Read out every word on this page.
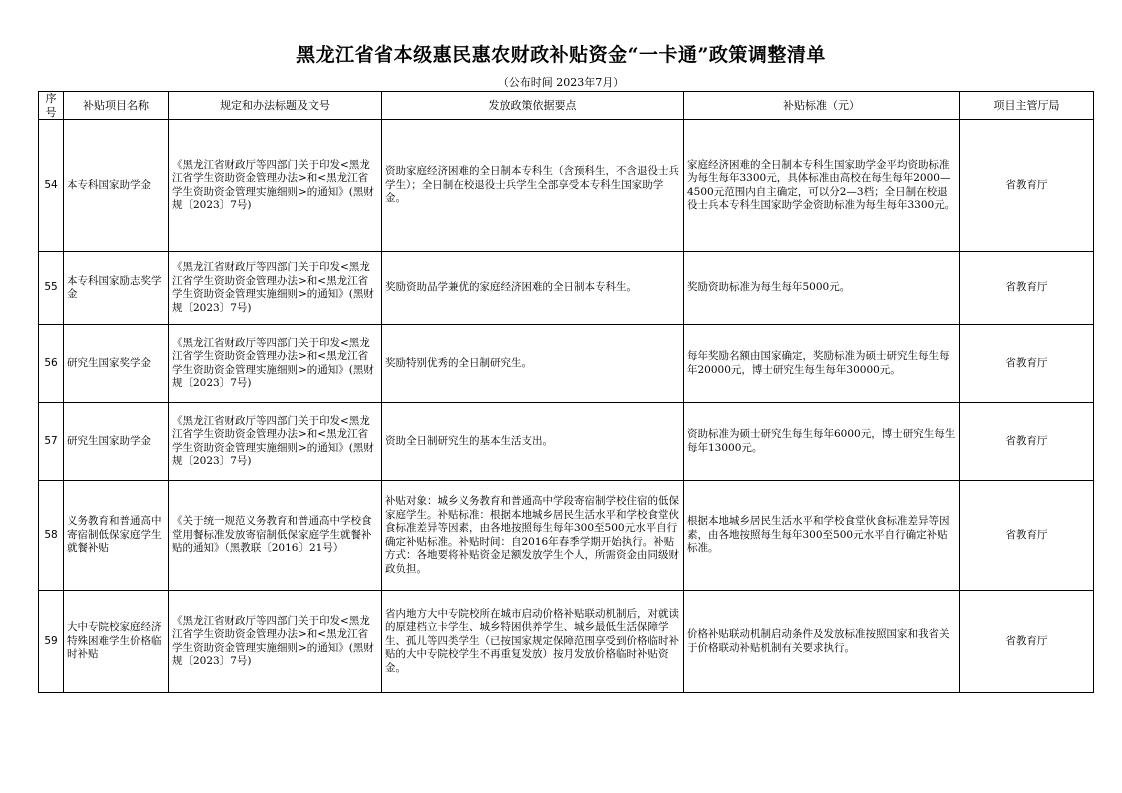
黑龙江省省本级惠民惠农财政补贴资金“一卡通”政策调整清单
（公布时间 2023年7月）
序号	补贴项目名称	规定和办法标题及文号	发放政策依据要点	补贴标准（元）	项目主管厅局
54	本专科国家助学金	《黑龙江省财政厅等四部门关于印发<黑龙江省学生资助资金管理办法>和<黑龙江省学生资助资金管理实施细则>的通知》(黑财规〔2023〕7号)	资助家庭经济困难的全日制本专科生（含预科生，不含退役士兵学生）；全日制在校退役士兵学生全部享受本专科生国家助学金。	家庭经济困难的全日制本专科生国家助学金平均资助标准为每生每年3300元，具体标准由高校在每生每年2000—4500元范围内自主确定，可以分2—3档；全日制在校退役士兵本专科生国家助学金资助标准为每生每年3300元。	省教育厅
55	本专科国家励志奖学金	《黑龙江省财政厅等四部门关于印发<黑龙江省学生资助资金管理办法>和<黑龙江省学生资助资金管理实施细则>的通知》(黑财规〔2023〕7号)	奖励资助品学兼优的家庭经济困难的全日制本专科生。	奖励资助标准为每生每年5000元。	省教育厅
56	研究生国家奖学金	《黑龙江省财政厅等四部门关于印发<黑龙江省学生资助资金管理办法>和<黑龙江省学生资助资金管理实施细则>的通知》(黑财规〔2023〕7号)	奖励特别优秀的全日制研究生。	每年奖励名额由国家确定，奖励标准为硕士研究生每生每年20000元，博士研究生每生每年30000元。	省教育厅
57	研究生国家助学金	《黑龙江省财政厅等四部门关于印发<黑龙江省学生资助资金管理办法>和<黑龙江省学生资助资金管理实施细则>的通知》(黑财规〔2023〕7号)	资助全日制研究生的基本生活支出。	资助标准为硕士研究生每生每年6000元，博士研究生每生每年13000元。	省教育厅
58	义务教育和普通高中寄宿制低保家庭学生就餐补贴	《关于统一规范义务教育和普通高中学校食堂用餐标准发放寄宿制低保家庭学生就餐补贴的通知》（黑教联〔2016〕21号）	补贴对象：城乡义务教育和普通高中学段寄宿制学校住宿的低保家庭学生。补贴标准：根据本地城乡居民生活水平和学校食堂伙食标准差异等因素，由各地按照每生每年300至500元水平自行确定补贴标准。补贴时间：自2016年春季学期开始执行。补贴方式：各地要将补贴资金足额发放学生个人，所需资金由同级财政负担。	根据本地城乡居民生活水平和学校食堂伙食标准差异等因素，由各地按照每生每年300至500元水平自行确定补贴标准。	省教育厅
59	大中专院校家庭经济特殊困难学生价格临时补贴	《黑龙江省财政厅等四部门关于印发<黑龙江省学生资助资金管理办法>和<黑龙江省学生资助资金管理实施细则>的通知》(黑财规〔2023〕7号)	省内地方大中专院校所在城市启动价格补贴联动机制后，对就读的原建档立卡学生、城乡特困供养学生、城乡最低生活保障学生、孤儿等四类学生（已按国家规定保障范围享受到价格临时补贴的大中专院校学生不再重复发放）按月发放价格临时补贴资金。	价格补贴联动机制启动条件及发放标准按照国家和我省关于价格联动补贴机制有关要求执行。	省教育厅
